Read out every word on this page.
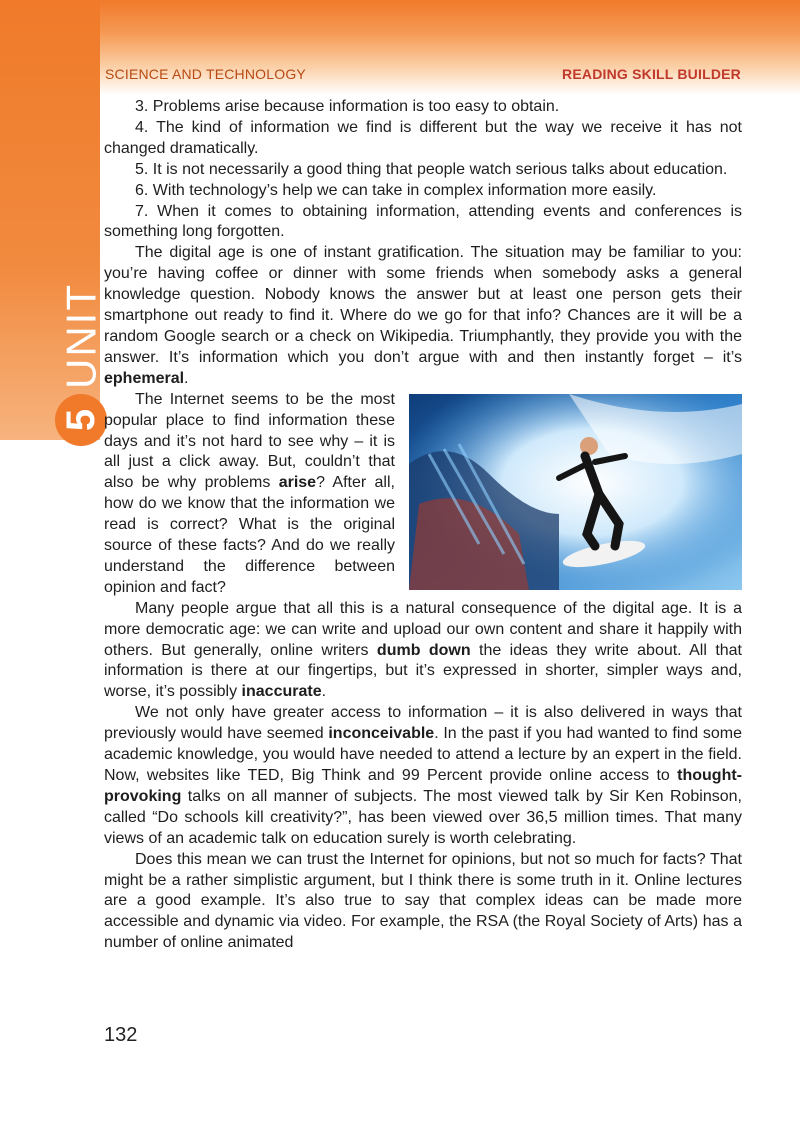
5
UNIT
SCIENCE AND TECHNOLOGY	READING SKILL BUILDER

3. Problems arise because information is too easy to obtain.

4. The kind of information we find is different but the way we receive it has not changed dramatically.

5. It is not necessarily a good thing that people watch serious talks about education.

6. With technology’s help we can take in complex information more easily.

7. When it comes to obtaining information, attending events and conferences is something long forgotten.

The digital age is one of instant gratification. The situation may be familiar to you: you’re having coffee or dinner with some friends when somebody asks a general knowledge question. Nobody knows the answer but at least one person gets their smartphone out ready to find it. Where do we go for that info? Chances are it will be a random Google search or a check on Wikipedia. Triumphantly, they provide you with the answer. It’s information which you don’t argue with and then instantly forget – it’s ephemeral.

The Internet seems to be the most popular place to find information these days and it’s not hard to see why – it is all just a click away. But, couldn’t that also be why problems arise? After all, how do we know that the information we read is correct? What is the original source of these facts? And do we really understand the difference between opinion and fact?

Many people argue that all this is a natural consequence of the digital age. It is a more democratic age: we can write and upload our own content and share it happily with others. But generally, online writers dumb down the ideas they write about. All that information is there at our fingertips, but it’s expressed in shorter, simpler ways and, worse, it’s possibly inaccurate.

We not only have greater access to information – it is also delivered in ways that previously would have seemed inconceivable. In the past if you had wanted to find some academic knowledge, you would have needed to attend a lecture by an expert in the field. Now, websites like TED, Big Think and 99 Percent provide online access to thought-provoking talks on all manner of subjects. The most viewed talk by Sir Ken Robinson, called “Do schools kill creativity?”, has been viewed over 36,5 million times. That many views of an academic talk on education surely is worth celebrating.

Does this mean we can trust the Internet for opinions, but not so much for facts? That might be a rather simplistic argument, but I think there is some truth in it. Online lectures are a good example. It’s also true to say that complex ideas can be made more accessible and dynamic via video. For example, the RSA (the Royal Society of Arts) has a number of online animated

132
